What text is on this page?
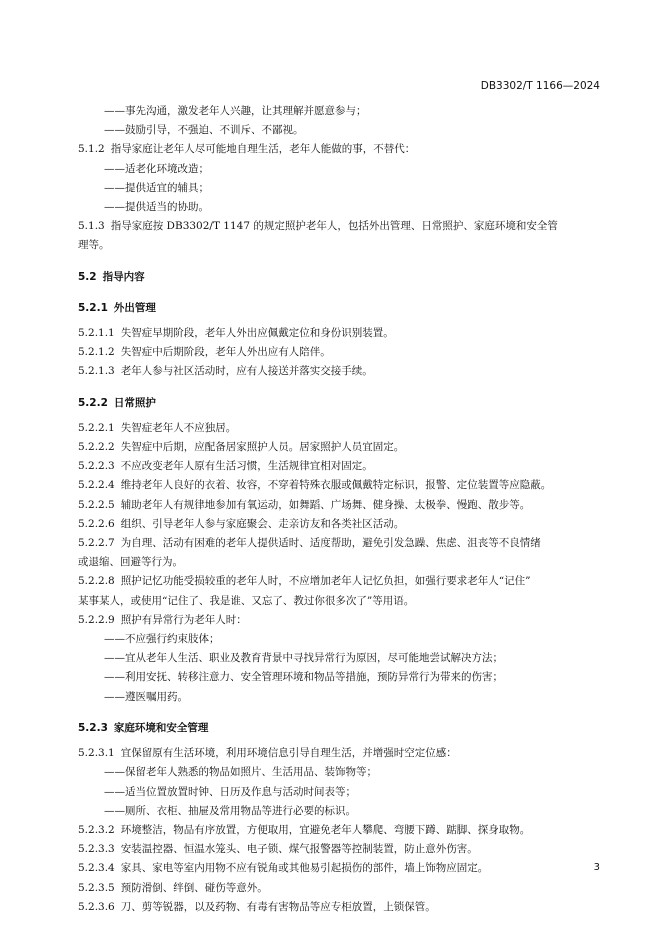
DB3302/T 1166—2024
——事先沟通，激发老年人兴趣，让其理解并愿意参与；
——鼓励引导，不强迫、不训斥、不鄙视。
5.1.2 指导家庭让老年人尽可能地自理生活，老年人能做的事，不替代：
——适老化环境改造；
——提供适宜的辅具；
——提供适当的协助。
5.1.3 指导家庭按 DB3302/T 1147 的规定照护老年人，包括外出管理、日常照护、家庭环境和安全管
理等。
5.2 指导内容
5.2.1 外出管理
5.2.1.1 失智症早期阶段，老年人外出应佩戴定位和身份识别装置。
5.2.1.2 失智症中后期阶段，老年人外出应有人陪伴。
5.2.1.3 老年人参与社区活动时，应有人接送并落实交接手续。
5.2.2 日常照护
5.2.2.1 失智症老年人不应独居。
5.2.2.2 失智症中后期，应配备居家照护人员。居家照护人员宜固定。
5.2.2.3 不应改变老年人原有生活习惯，生活规律宜相对固定。
5.2.2.4 维持老年人良好的衣着、妆容，不穿着特殊衣服或佩戴特定标识，报警、定位装置等应隐蔽。
5.2.2.5 辅助老年人有规律地参加有氧运动，如舞蹈、广场舞、健身操、太极拳、慢跑、散步等。
5.2.2.6 组织、引导老年人参与家庭聚会、走亲访友和各类社区活动。
5.2.2.7 为自理、活动有困难的老年人提供适时、适度帮助，避免引发急躁、焦虑、沮丧等不良情绪
或退缩、回避等行为。
5.2.2.8 照护记忆功能受损较重的老年人时，不应增加老年人记忆负担，如强行要求老年人“记住”
某事某人，或使用“记住了、我是谁、又忘了、教过你很多次了”等用语。
5.2.2.9 照护有异常行为老年人时：
——不应强行约束肢体；
——宜从老年人生活、职业及教育背景中寻找异常行为原因，尽可能地尝试解决方法；
——利用安抚、转移注意力、安全管理环境和物品等措施，预防异常行为带来的伤害；
——遵医嘱用药。
5.2.3 家庭环境和安全管理
5.2.3.1 宜保留原有生活环境，利用环境信息引导自理生活，并增强时空定位感：
——保留老年人熟悉的物品如照片、生活用品、装饰物等；
——适当位置放置时钟、日历及作息与活动时间表等；
——厕所、衣柜、抽屉及常用物品等进行必要的标识。
5.2.3.2 环境整洁，物品有序放置，方便取用，宜避免老年人攀爬、弯腰下蹲、踮脚、探身取物。
5.2.3.3 安装温控器、恒温水笼头、电子锁、煤气报警器等控制装置，防止意外伤害。
5.2.3.4 家具、家电等室内用物不应有锐角或其他易引起损伤的部件，墙上饰物应固定。
5.2.3.5 预防滑倒、绊倒、碰伤等意外。
5.2.3.6 刀、剪等锐器，以及药物、有毒有害物品等应专柜放置，上锁保管。
3
